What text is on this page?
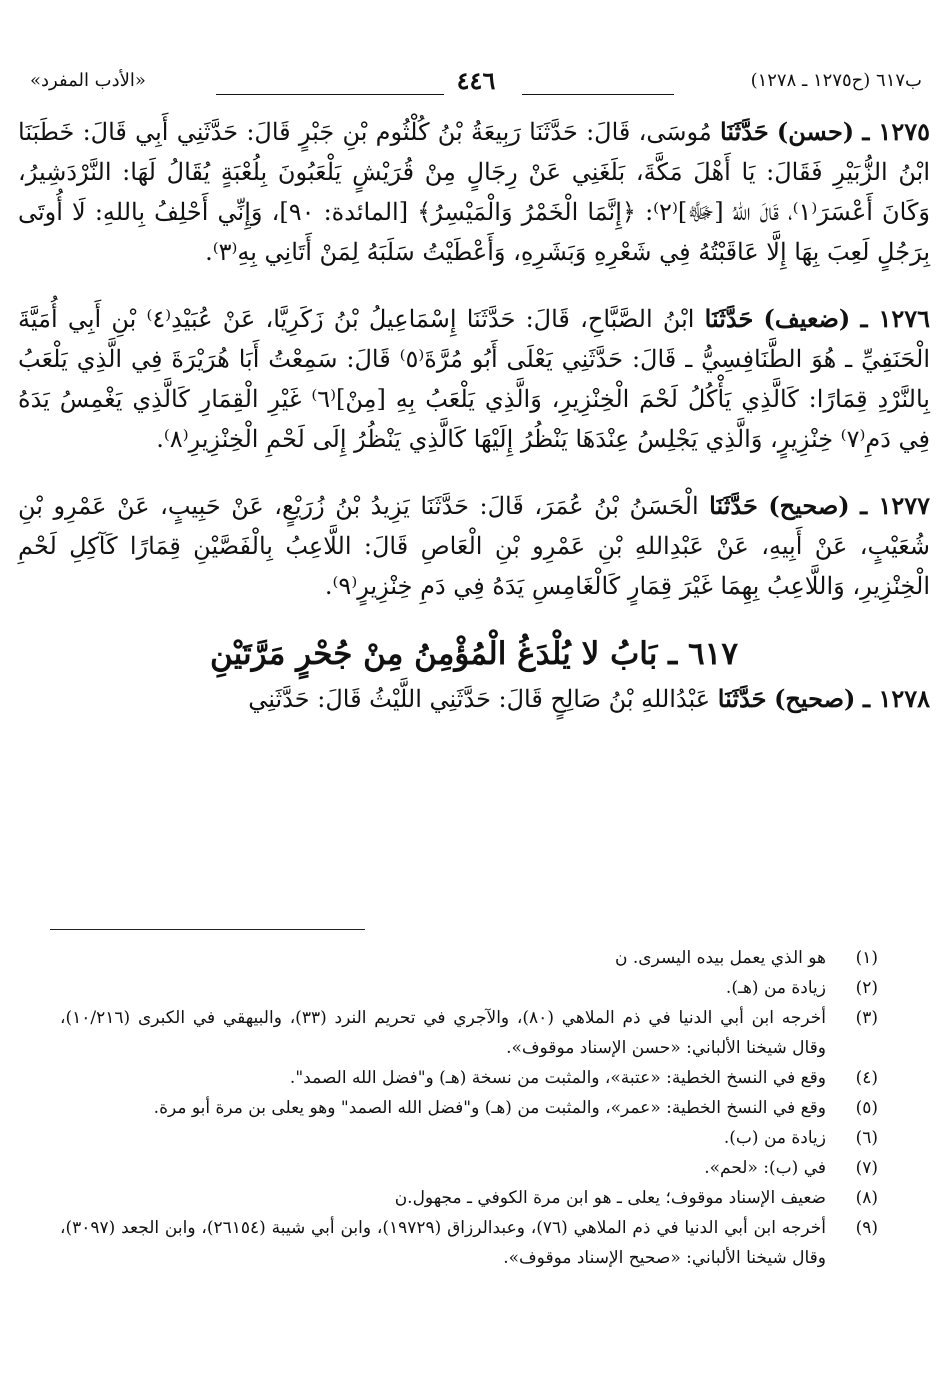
ب٦١٧ (ح١٢٧٥ ـ ١٢٧٨)
٤٤٦
«الأدب المفرد»

١٢٧٥ ـ (حسن) حَدَّثَنَا مُوسَى، قَالَ: حَدَّثَنَا رَبِيعَةُ بْنُ كُلْثُوم بْنِ جَبْرٍ قَالَ: حَدَّثَنِي أَبِي قَالَ: خَطَبَنَا ابْنُ الزُّبَيْرِ فَقَالَ: يَا أَهْلَ مَكَّةَ، بَلَغَنِي عَنْ رِجَالٍ مِنْ قُرَيْشٍ يَلْعَبُونَ بِلُعْبَةٍ يُقَالُ لَهَا: النَّرْدَشِيرُ، وَكَانَ أَعْسَرَ⁽١⁾، قَالَ اللهُ [ﷻ]⁽٢⁾: ﴿إِنَّمَا الْخَمْرُ وَالْمَيْسِرُ﴾ [المائدة: ٩٠]، وَإِنِّي أَحْلِفُ بِاللهِ: لَا أُوتَى بِرَجُلٍ لَعِبَ بِهَا إِلَّا عَاقَبْتُهُ فِي شَعْرِهِ وَبَشَرِهِ، وَأَعْطَيْتُ سَلَبَهُ لِمَنْ أَتَانِي بِهِ⁽٣⁾.

١٢٧٦ ـ (ضعيف) حَدَّثَنَا ابْنُ الصَّبَّاحِ، قَالَ: حَدَّثَنَا إِسْمَاعِيلُ بْنُ زَكَرِيَّا، عَنْ عُبَيْدِ⁽٤⁾ بْنِ أَبِي أُمَيَّةَ الْحَنَفِيِّ ـ هُوَ الطَّنَافِسِيُّ ـ قَالَ: حَدَّثَنِي يَعْلَى أَبُو مُرَّةَ⁽٥⁾ قَالَ: سَمِعْتُ أَبَا هُرَيْرَةَ فِي الَّذِي يَلْعَبُ بِالنَّرْدِ قِمَارًا: كَالَّذِي يَأْكُلُ لَحْمَ الْخِنْزِيرِ، وَالَّذِي يَلْعَبُ بِهِ [مِنْ]⁽٦⁾ غَيْرِ الْقِمَارِ كَالَّذِي يَغْمِسُ يَدَهُ فِي دَمِ⁽٧⁾ خِنْزِيرٍ، وَالَّذِي يَجْلِسُ عِنْدَهَا يَنْظُرُ إِلَيْهَا كَالَّذِي يَنْظُرُ إِلَى لَحْمِ الْخِنْزِيرِ⁽٨⁾.

١٢٧٧ ـ (صحيح) حَدَّثَنَا الْحَسَنُ بْنُ عُمَرَ، قَالَ: حَدَّثَنَا يَزِيدُ بْنُ زُرَيْعٍ، عَنْ حَبِيبٍ، عَنْ عَمْرِو بْنِ شُعَيْبٍ، عَنْ أَبِيهِ، عَنْ عَبْدِاللهِ بْنِ عَمْرِو بْنِ الْعَاصِ قَالَ: اللَّاعِبُ بِالْفَصَّيْنِ قِمَارًا كَآكِلِ لَحْمِ الْخِنْزِيرِ، وَاللَّاعِبُ بِهِمَا غَيْرَ قِمَارٍ كَالْغَامِسِ يَدَهُ فِي دَمِ خِنْزِيرٍ⁽٩⁾.

٦١٧ ـ بَابُ لا يُلْدَغُ الْمُؤْمِنُ مِنْ جُحْرٍ مَرَّتَيْنِ

١٢٧٨ ـ (صحيح) حَدَّثَنَا عَبْدُاللهِ بْنُ صَالِحٍ قَالَ: حَدَّثَنِي اللَّيْثُ قَالَ: حَدَّثَنِي

(١)
هو الذي يعمل بيده اليسرى. ن
(٢)
زيادة من (هـ).
(٣)
أخرجه ابن أبي الدنيا في ذم الملاهي (٨٠)، والآجري في تحريم النرد (٣٣)، والبيهقي في الكبرى (١٠/٢١٦)، وقال شيخنا الألباني: «حسن الإسناد موقوف».
(٤)
وقع في النسخ الخطية: «عتبة»، والمثبت من نسخة (هـ) و"فضل الله الصمد".
(٥)
وقع في النسخ الخطية: «عمر»، والمثبت من (هـ) و"فضل الله الصمد" وهو يعلى بن مرة أبو مرة.
(٦)
زيادة من (ب).
(٧)
في (ب): «لحم».
(٨)
ضعيف الإسناد موقوف؛ يعلى ـ هو ابن مرة الكوفي ـ مجهول.ن
(٩)
أخرجه ابن أبي الدنيا في ذم الملاهي (٧٦)، وعبدالرزاق (١٩٧٢٩)، وابن أبي شيبة (٢٦١٥٤)، وابن الجعد (٣٠٩٧)، وقال شيخنا الألباني: «صحيح الإسناد موقوف».
